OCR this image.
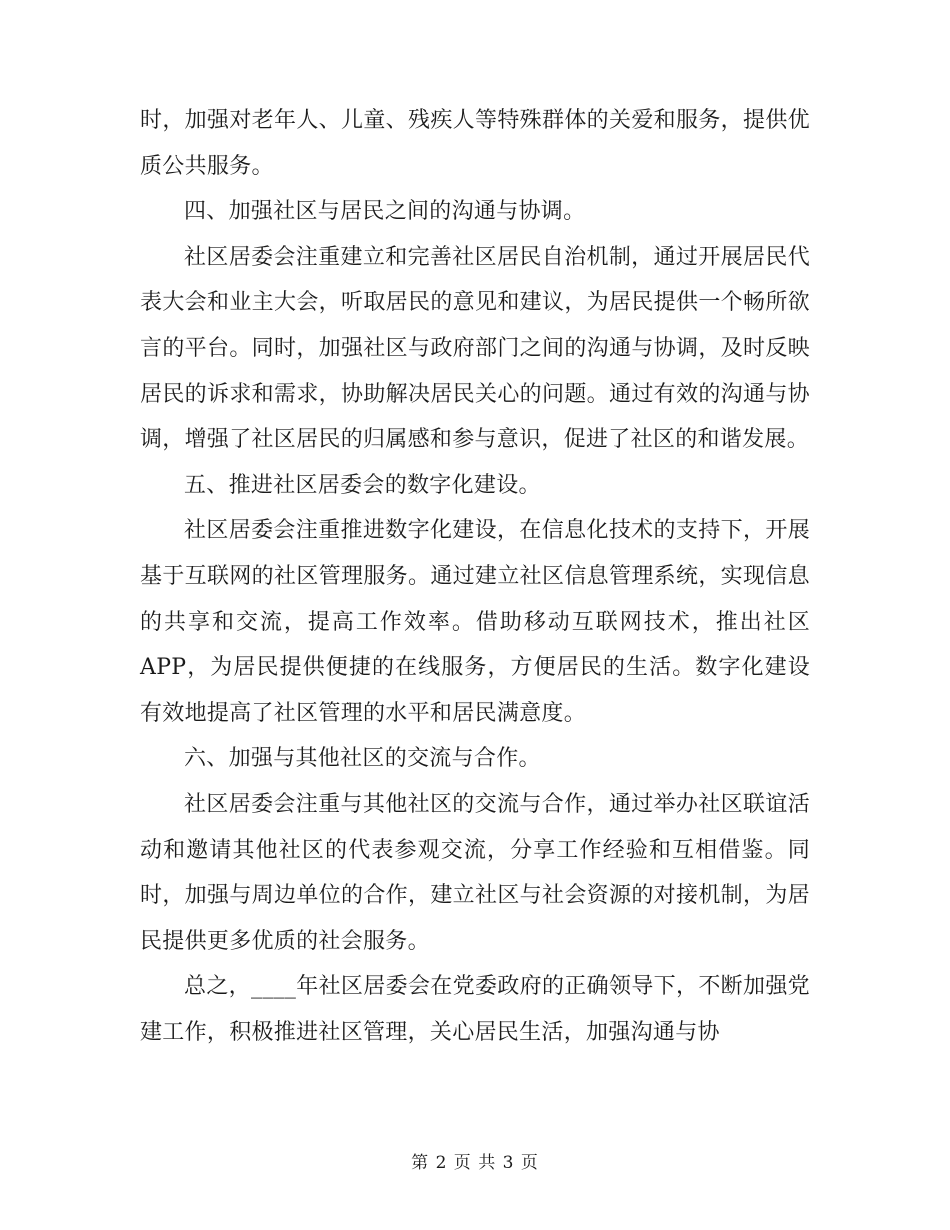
时，加强对老年人、儿童、残疾人等特殊群体的关爱和服务，提供优质公共服务。

四、加强社区与居民之间的沟通与协调。

社区居委会注重建立和完善社区居民自治机制，通过开展居民代表大会和业主大会，听取居民的意见和建议，为居民提供一个畅所欲言的平台。同时，加强社区与政府部门之间的沟通与协调，及时反映居民的诉求和需求，协助解决居民关心的问题。通过有效的沟通与协调，增强了社区居民的归属感和参与意识，促进了社区的和谐发展。

五、推进社区居委会的数字化建设。

社区居委会注重推进数字化建设，在信息化技术的支持下，开展基于互联网的社区管理服务。通过建立社区信息管理系统，实现信息的共享和交流，提高工作效率。借助移动互联网技术，推出社区APP，为居民提供便捷的在线服务，方便居民的生活。数字化建设有效地提高了社区管理的水平和居民满意度。

六、加强与其他社区的交流与合作。

社区居委会注重与其他社区的交流与合作，通过举办社区联谊活动和邀请其他社区的代表参观交流，分享工作经验和互相借鉴。同时，加强与周边单位的合作，建立社区与社会资源的对接机制，为居民提供更多优质的社会服务。

总之，____年社区居委会在党委政府的正确领导下，不断加强党建工作，积极推进社区管理，关心居民生活，加强沟通与协

第 2 页 共 3 页
